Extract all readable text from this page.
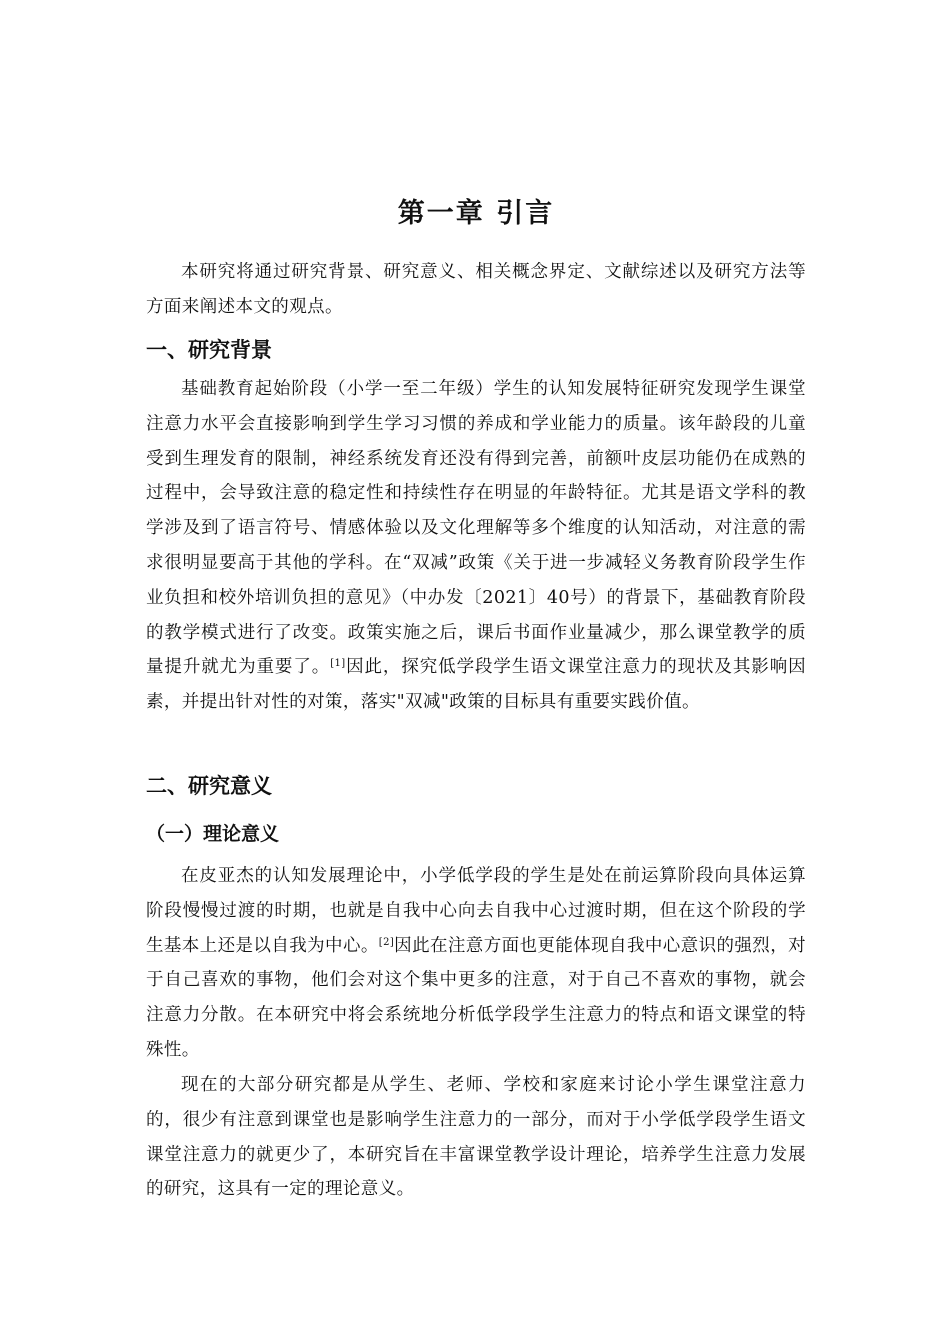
第一章 引言

本研究将通过研究背景、研究意义、相关概念界定、文献综述以及研究方法等方面来阐述本文的观点。

一、研究背景

基础教育起始阶段（小学一至二年级）学生的认知发展特征研究发现学生课堂注意力水平会直接影响到学生学习习惯的养成和学业能力的质量。该年龄段的儿童受到生理发育的限制，神经系统发育还没有得到完善，前额叶皮层功能仍在成熟的过程中，会导致注意的稳定性和持续性存在明显的年龄特征。尤其是语文学科的教学涉及到了语言符号、情感体验以及文化理解等多个维度的认知活动，对注意的需求很明显要高于其他的学科。在“双减”政策《关于进一步减轻义务教育阶段学生作业负担和校外培训负担的意见》（中办发〔2021〕40号）的背景下，基础教育阶段的教学模式进行了改变。政策实施之后，课后书面作业量减少，那么课堂教学的质量提升就尤为重要了。[1]因此，探究低学段学生语文课堂注意力的现状及其影响因素，并提出针对性的对策，落实"双减"政策的目标具有重要实践价值。

二、研究意义
（一）理论意义

在皮亚杰的认知发展理论中，小学低学段的学生是处在前运算阶段向具体运算阶段慢慢过渡的时期，也就是自我中心向去自我中心过渡时期，但在这个阶段的学生基本上还是以自我为中心。[2]因此在注意方面也更能体现自我中心意识的强烈，对于自己喜欢的事物，他们会对这个集中更多的注意，对于自己不喜欢的事物，就会注意力分散。在本研究中将会系统地分析低学段学生注意力的特点和语文课堂的特殊性。

现在的大部分研究都是从学生、老师、学校和家庭来讨论小学生课堂注意力的，很少有注意到课堂也是影响学生注意力的一部分，而对于小学低学段学生语文课堂注意力的就更少了，本研究旨在丰富课堂教学设计理论，培养学生注意力发展的研究，这具有一定的理论意义。
